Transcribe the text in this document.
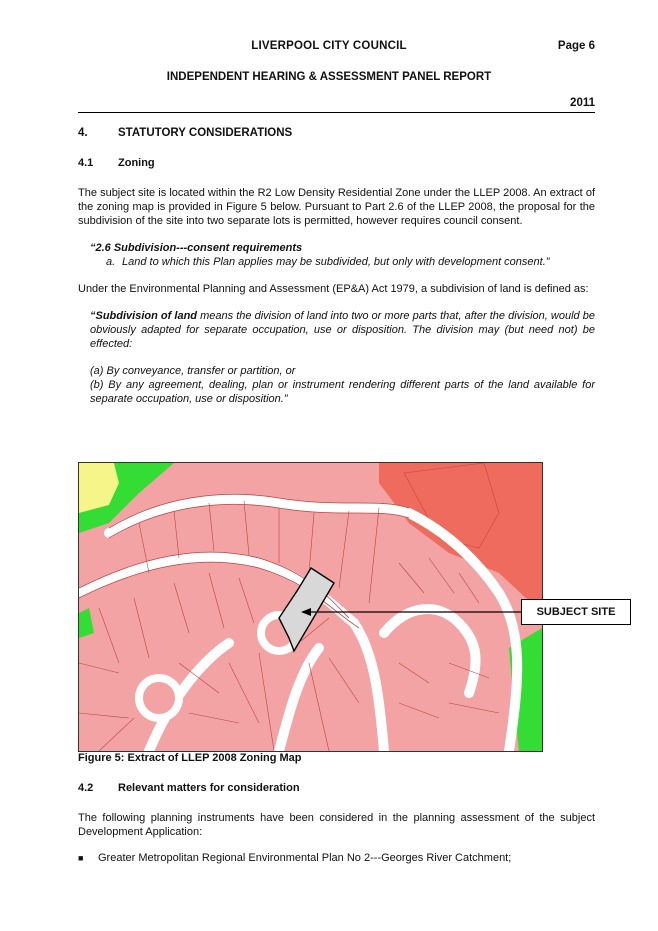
LIVERPOOL CITY COUNCIL	Page 6
INDEPENDENT HEARING & ASSESSMENT PANEL REPORT
2011
4.	STATUTORY CONSIDERATIONS
4.1	Zoning

The subject site is located within the R2 Low Density Residential Zone under the LLEP 2008. An extract of the zoning map is provided in Figure 5 below. Pursuant to Part 2.6 of the LLEP 2008, the proposal for the subdivision of the site into two separate lots is permitted, however requires council consent.

“2.6 Subdivision---consent requirements
a. Land to which this Plan applies may be subdivided, but only with development consent.”

Under the Environmental Planning and Assessment (EP&A) Act 1979, a subdivision of land is defined as:

“Subdivision of land means the division of land into two or more parts that, after the division, would be obviously adapted for separate occupation, use or disposition. The division may (but need not) be effected:

(a) By conveyance, transfer or partition, or

(b) By any agreement, dealing, plan or instrument rendering different parts of the land available for separate occupation, use or disposition.”

SUBJECT SITE
Figure 5: Extract of LLEP 2008 Zoning Map
4.2	Relevant matters for consideration

The following planning instruments have been considered in the planning assessment of the subject Development Application:

■	Greater Metropolitan Regional Environmental Plan No 2---Georges River Catchment;
